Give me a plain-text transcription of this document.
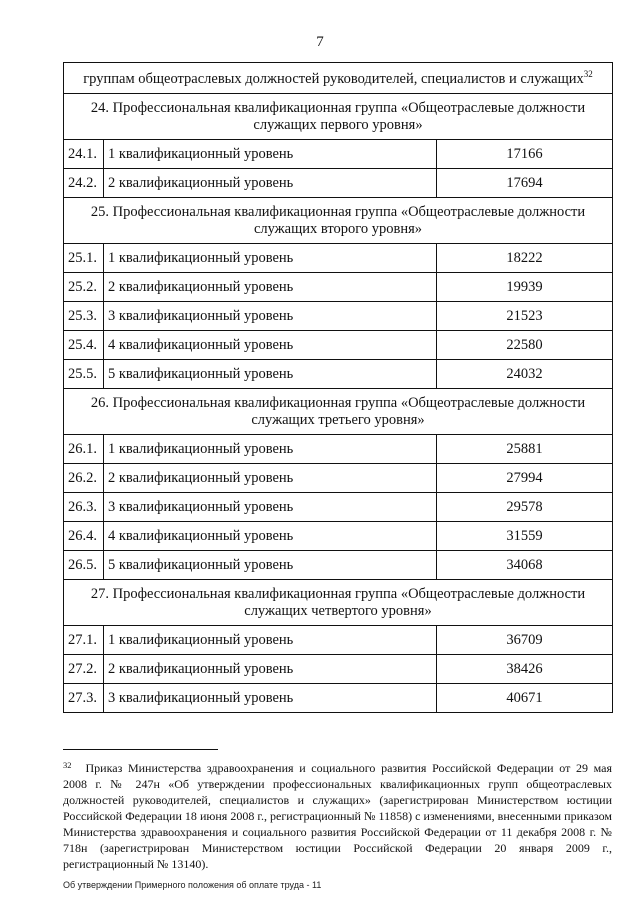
7
группам общеотраслевых должностей руководителей, специалистов и служащих$^{32}$
24. Профессиональная квалификационная группа «Общеотраслевые должности служащих первого уровня»		
24.1.	1 квалификационный уровень	17166
24.2.	2 квалификационный уровень	17694
25. Профессиональная квалификационная группа «Общеотраслевые должности служащих второго уровня»		
25.1.	1 квалификационный уровень	18222
25.2.	2 квалификационный уровень	19939
25.3.	3 квалификационный уровень	21523
25.4.	4 квалификационный уровень	22580
25.5.	5 квалификационный уровень	24032
26. Профессиональная квалификационная группа «Общеотраслевые должности служащих третьего уровня»		
26.1.	1 квалификационный уровень	25881
26.2.	2 квалификационный уровень	27994
26.3.	3 квалификационный уровень	29578
26.4.	4 квалификационный уровень	31559
26.5.	5 квалификационный уровень	34068
27. Профессиональная квалификационная группа «Общеотраслевые должности служащих четвертого уровня»		
27.1.	1 квалификационный уровень	36709
27.2.	2 квалификационный уровень	38426
27.3.	3 квалификационный уровень	40671
$^{32}$ Приказ Министерства здравоохранения и социального развития Российской Федерации от 29 мая 2008 г. № 247н «Об утверждении профессиональных квалификационных групп общеотраслевых должностей руководителей, специалистов и служащих» (зарегистрирован Министерством юстиции Российской Федерации 18 июня 2008 г., регистрационный № 11858) с изменениями, внесенными приказом Министерства здравоохранения и социального развития Российской Федерации от 11 декабря 2008 г. № 718н (зарегистрирован Министерством юстиции Российской Федерации 20 января 2009 г., регистрационный № 13140).
Об утверждении Примерного положения об оплате труда - 11
